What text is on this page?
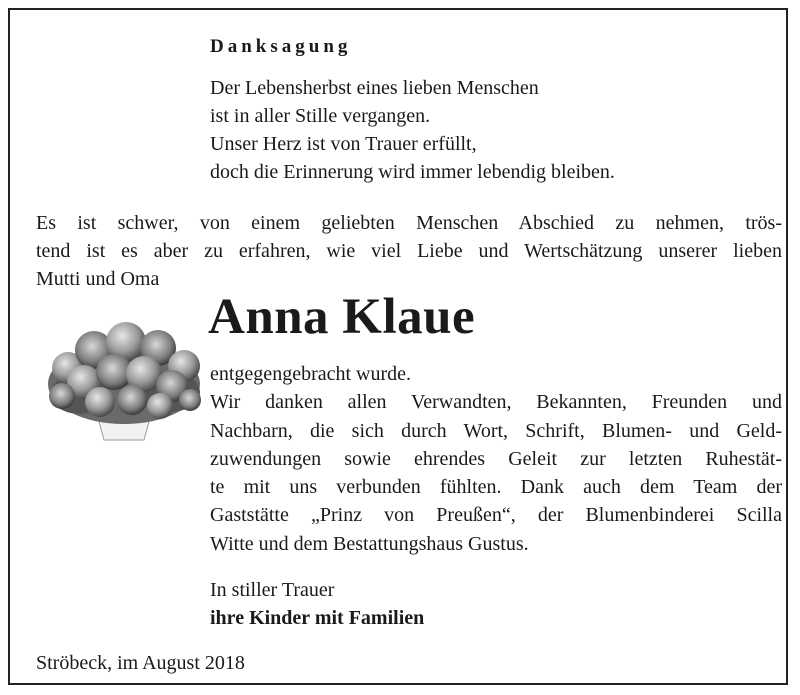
Danksagung
Der Lebensherbst eines lieben Menschen
ist in aller Stille vergangen.
Unser Herz ist von Trauer erfüllt,
doch die Erinnerung wird immer lebendig bleiben.
Es ist schwer, von einem geliebten Menschen Abschied zu nehmen, trös-
tend ist es aber zu erfahren, wie viel Liebe und Wertschätzung unserer lieben
Mutti und Oma
Anna Klaue
entgegengebracht wurde.
Wir danken allen Verwandten, Bekannten, Freunden und
Nachbarn, die sich durch Wort, Schrift, Blumen- und Geld-
zuwendungen sowie ehrendes Geleit zur letzten Ruhestät-
te mit uns verbunden fühlten. Dank auch dem Team der
Gaststätte „Prinz von Preußen“, der Blumenbinderei Scilla
Witte und dem Bestattungshaus Gustus.
In stiller Trauer
ihre Kinder mit Familien
Ströbeck, im August 2018
